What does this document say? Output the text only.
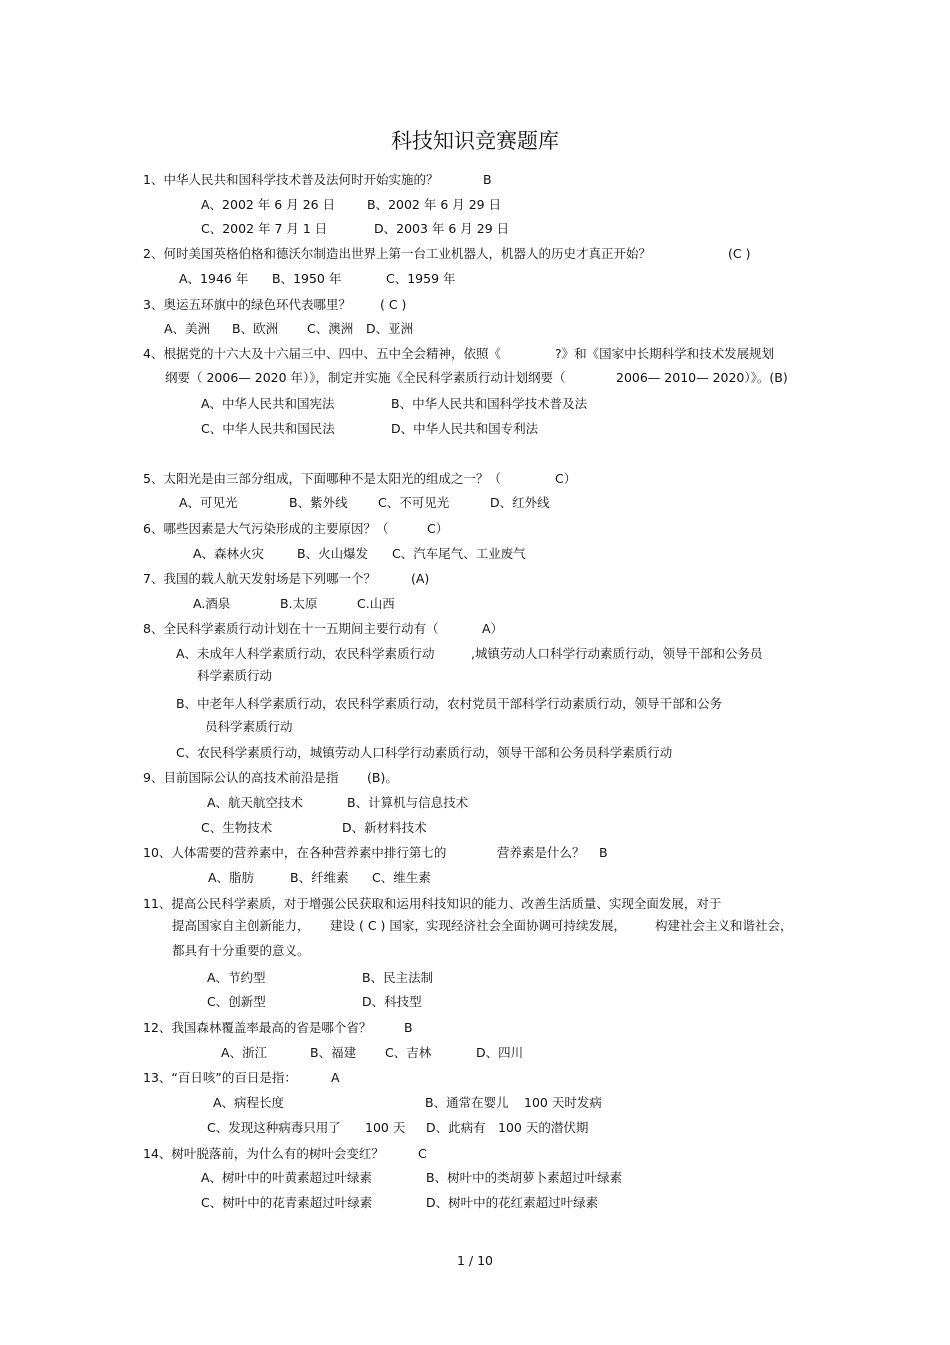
科技知识竞赛题库
1、中华人民共和国科学技术普及法何时开始实施的？	B
A、2002 年 6 月 26 日	B、2002 年 6 月 29 日
C、2002 年 7 月 1 日	D、2003 年 6 月 29 日
2、何时美国英格伯格和德沃尔制造出世界上第一台工业机器人，机器人的历史才真正开始？	(C )
A、1946 年 B、1950 年	C、1959 年
3、奥运五环旗中的绿色环代表哪里？ ( C )
A、美洲 B、欧洲 C、澳洲 D、亚洲
4、根据党的十六大及十六届三中、四中、五中全会精神，依照《	?》和《国家中长期科学和技术发展规划
纲要（ 2006— 2020 年）》，制定并实施《全民科学素质行动计划纲要（	2006— 2010— 2020）》。(B)
A、中华人民共和国宪法	B、中华人民共和国科学技术普及法
C、中华人民共和国民法	D、中华人民共和国专利法
5、太阳光是由三部分组成，下面哪种不是太阳光的组成之一？（	C）
A、可见光	B、紫外线 C、不可见光	D、红外线
6、哪些因素是大气污染形成的主要原因？（	C）
A、森林火灾	B、火山爆发 C、汽车尾气、工业废气
7、我国的载人航天发射场是下列哪一个？	(A)
A.酒泉	B.太原	C.山西
8、全民科学素质行动计划在十一五期间主要行动有（	A）
A、未成年人科学素质行动，农民科学素质行动	,城镇劳动人口科学行动素质行动，领导干部和公务员
科学素质行动
B、中老年人科学素质行动，农民科学素质行动，农村党员干部科学行动素质行动，领导干部和公务
员科学素质行动
C、农民科学素质行动，城镇劳动人口科学行动素质行动，领导干部和公务员科学素质行动
9、目前国际公认的高技术前沿是指 (B)。
A、航天航空技术	B、计算机与信息技术
C、生物技术	D、新材料技术
10、人体需要的营养素中，在各种营养素中排行第七的	营养素是什么？ B
A、脂肪	B、纤维素 C、维生素
11、提高公民科学素质，对于增强公民获取和运用科技知识的能力、改善生活质量、实现全面发展，对于
提高国家自主创新能力， 建设 ( C ) 国家， 实现经济社会全面协调可持续发展， 构建社会主义和谐社会，
都具有十分重要的意义。
A、节约型	B、民主法制
C、创新型	D、科技型
12、我国森林覆盖率最高的省是哪个省？	B
A、浙江	B、福建 C、吉林	D、四川
13、“百日咳”的百日是指：	A
A、病程长度	B、通常在婴儿 100 天时发病
C、发现这种病毒只用了 100 天 D、此病有 100 天的潜伏期
14、树叶脱落前，为什么有的树叶会变红？	C
A、树叶中的叶黄素超过叶绿素	B、树叶中的类胡萝卜素超过叶绿素
C、树叶中的花青素超过叶绿素	D、树叶中的花红素超过叶绿素
1 / 10
